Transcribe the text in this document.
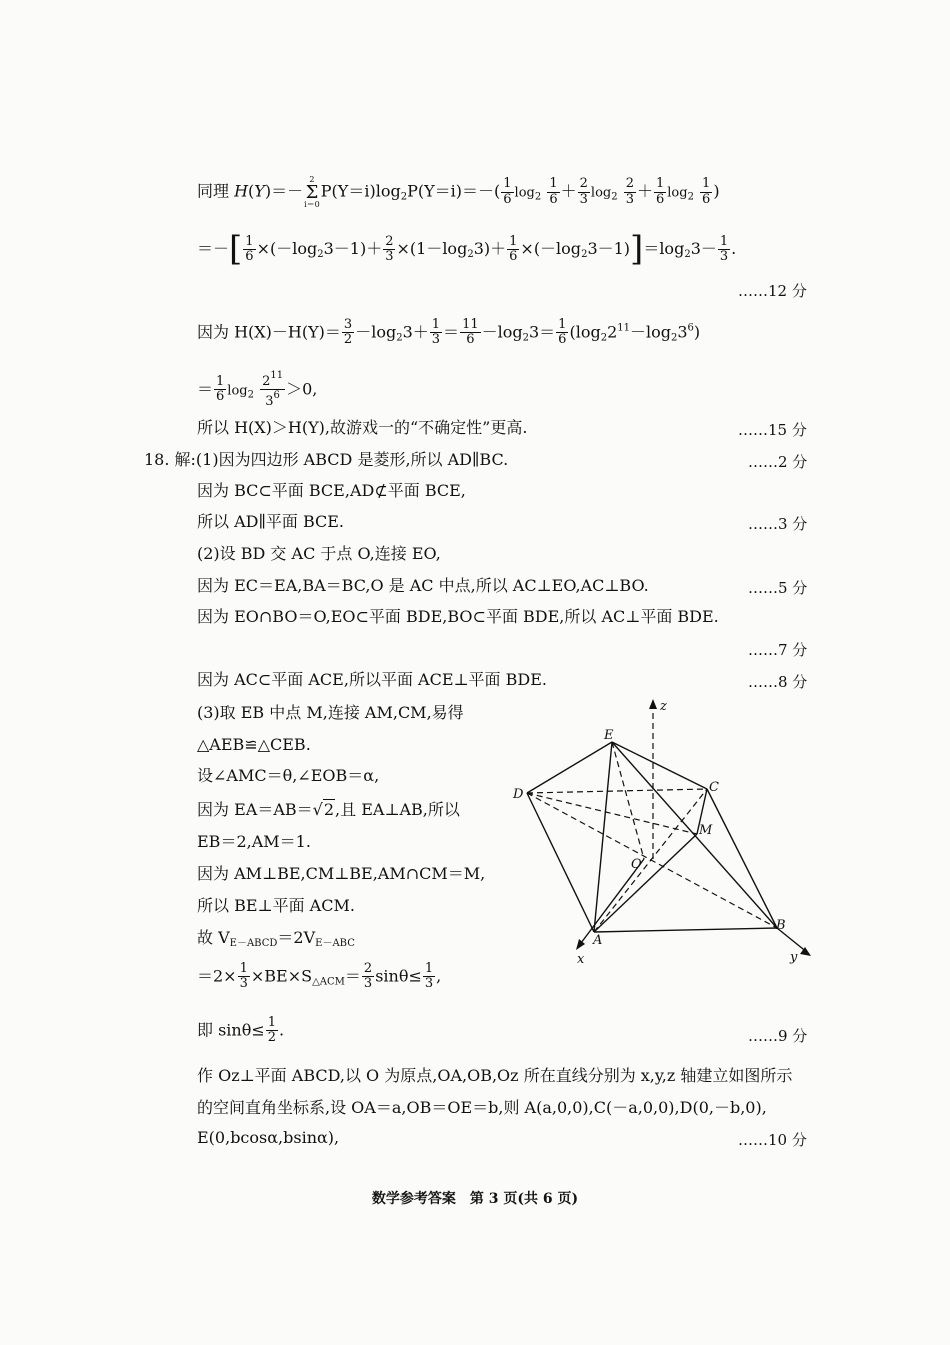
同理 H(Y)＝－
2
Σ
i＝0
$P(Y=i)\log_2P(Y=i)=-( \frac{1}{6} \log_2 \frac{1}{6} + \frac{2}{3} \log_2 \frac{2}{3} + \frac{1}{6} \log_2 \frac{1}{6}$ )
＝－[ $\frac{1}{6} \times(-\log_23-1)+ \frac{2}{3} \times(1-\log_23)+ \frac{1}{6} \times(-\log_23-1)]=\log_23- \frac{1}{3}$ .
……12 分
因为 $H(X)-H(Y)= \frac{3}{2} -\log_23+ \frac{1}{3} = \frac{11}{6} -\log_23= \frac{1}{6} (\log_22^{11}-\log_23^6)$
＝ $\frac{1}{6} \log_2 \frac{2^{11}}{3^6} >0$,
所以 H(X)＞H(Y),故游戏一的“不确定性”更高.	……15 分
18. 解:(1)因为四边形 ABCD 是菱形,所以 AD∥BC.	……2 分
因为 BC⊂平面 BCE,AD⊄平面 BCE,
所以 AD∥平面 BCE.	……3 分
(2)设 BD 交 AC 于点 O,连接 EO,
因为 EC＝EA,BA＝BC,O 是 AC 中点,所以 AC⊥EO,AC⊥BO.	……5 分
因为 EO∩BO＝O,EO⊂平面 BDE,BO⊂平面 BDE,所以 AC⊥平面 BDE.
……7 分
因为 AC⊂平面 ACE,所以平面 ACE⊥平面 BDE.	……8 分
(3)取 EB 中点 M,连接 AM,CM,易得
△AEB≌△CEB.
设∠AMC＝θ,∠EOB＝α,
因为 EA＝AB＝√2,且 EA⊥AB,所以
EB＝2,AM＝1.
因为 AM⊥BE,CM⊥BE,AM∩CM＝M,
所以 BE⊥平面 ACM.
故 $V_{E-ABCD}=2V_{E-ABC}$
$=2\times \frac{1}{3} \times BE\times S_{\triangle ACM}= \frac{2}{3} \sin\theta\le \frac{1}{3}$ ,
即 $\sin\theta\le \frac{1}{2}$ .	……9 分
作 Oz⊥平面 ABCD,以 O 为原点,OA,OB,Oz 所在直线分别为 x,y,z 轴建立如图所示
的空间直角坐标系,设 OA＝a,OB＝OE＝b,则 A(a,0,0),C(－a,0,0),D(0,－b,0),
E(0,bcosα,bsinα),	……10 分
E
D	C
M
O
A
B
x	y
z
数学参考答案　第 3 页(共 6 页)
